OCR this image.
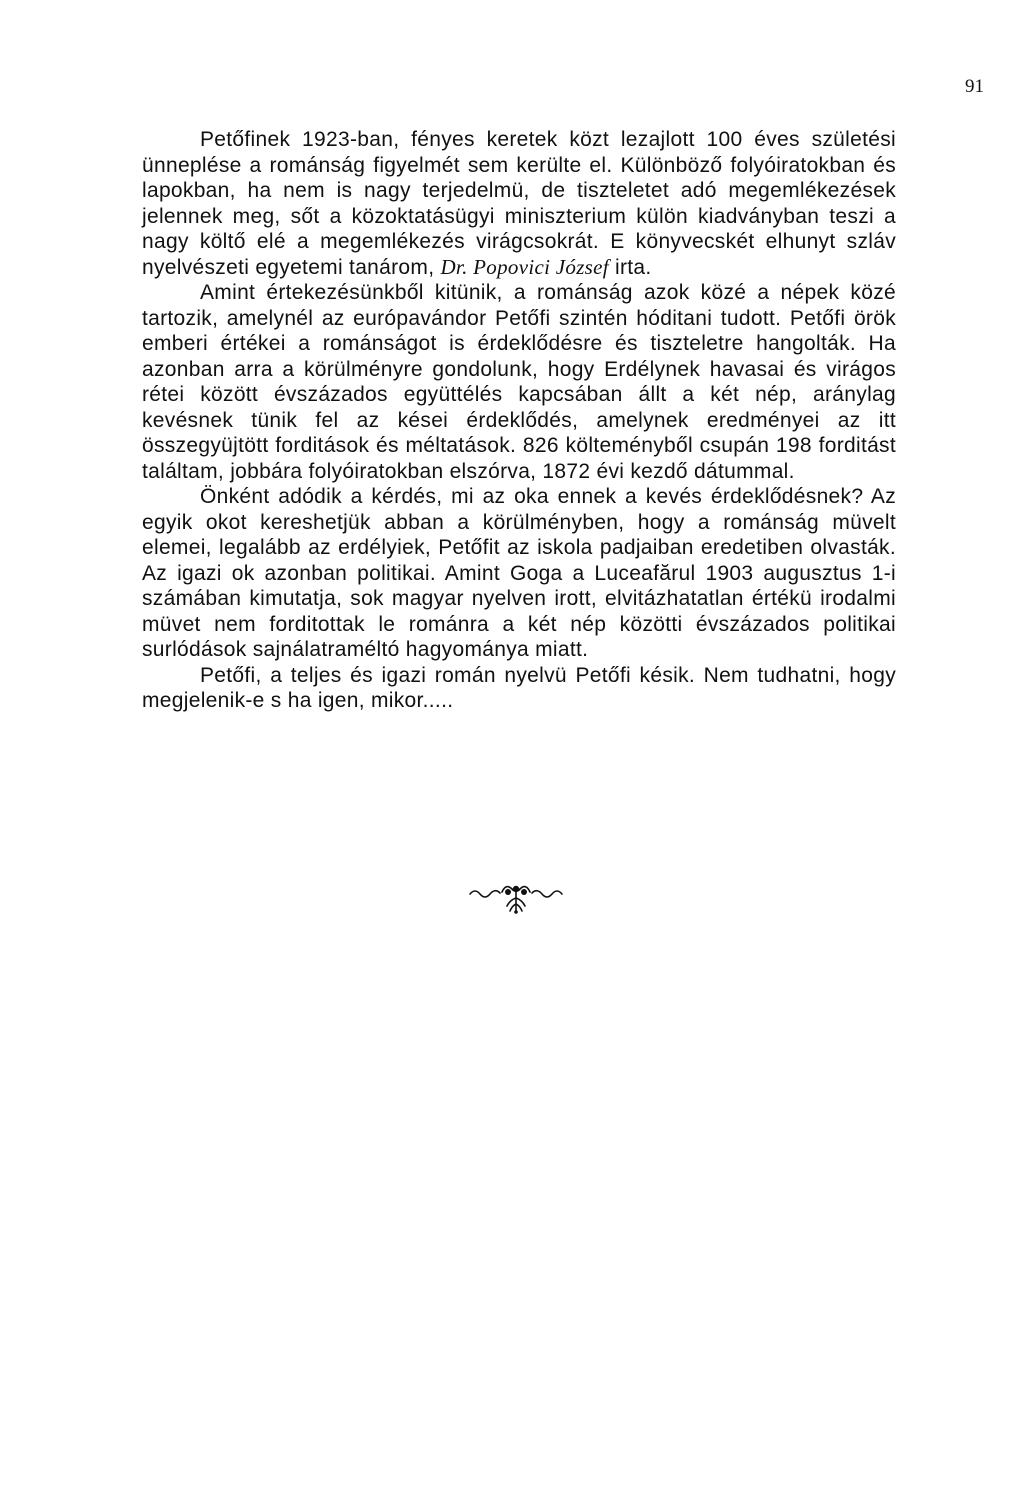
91

Petőfinek 1923-ban, fényes keretek közt lezajlott 100 éves születési ünneplése a románság figyelmét sem kerülte el. Különböző folyóiratokban és lapokban, ha nem is nagy terjedelmü, de tiszteletet adó megemlékezések jelennek meg, sőt a közoktatásügyi miniszterium külön kiadványban teszi a nagy költő elé a megemlékezés virágcsokrát. E könyvecskét elhunyt szláv nyelvészeti egyetemi tanárom, Dr. Popovici József irta.

Amint értekezésünkből kitünik, a románság azok közé a népek közé tartozik, amelynél az európavándor Petőfi szintén hóditani tudott. Petőfi örök emberi értékei a románságot is érdeklődésre és tiszteletre hangolták. Ha azonban arra a körülményre gondolunk, hogy Erdélynek havasai és virágos rétei között évszázados együttélés kapcsában állt a két nép, aránylag kevésnek tünik fel az kései érdeklődés, amelynek eredményei az itt összegyüjtött forditások és méltatások. 826 költeményből csupán 198 forditást találtam, jobbára folyóiratokban elszórva, 1872 évi kezdő dátummal.

Önként adódik a kérdés, mi az oka ennek a kevés érdeklődésnek? Az egyik okot kereshetjük abban a körülményben, hogy a románság müvelt elemei, legalább az erdélyiek, Petőfit az iskola padjaiban eredetiben olvasták. Az igazi ok azonban politikai. Amint Goga a Luceafărul 1903 augusztus 1-i számában kimutatja, sok magyar nyelven irott, elvitázhatatlan értékü irodalmi müvet nem forditottak le románra a két nép közötti évszázados politikai surlódások sajnálatraméltó hagyományа miatt.

Petőfi, a teljes és igazi román nyelvü Petőfi késik. Nem tudhatni, hogy megjelenik-e s ha igen, mikor.....
